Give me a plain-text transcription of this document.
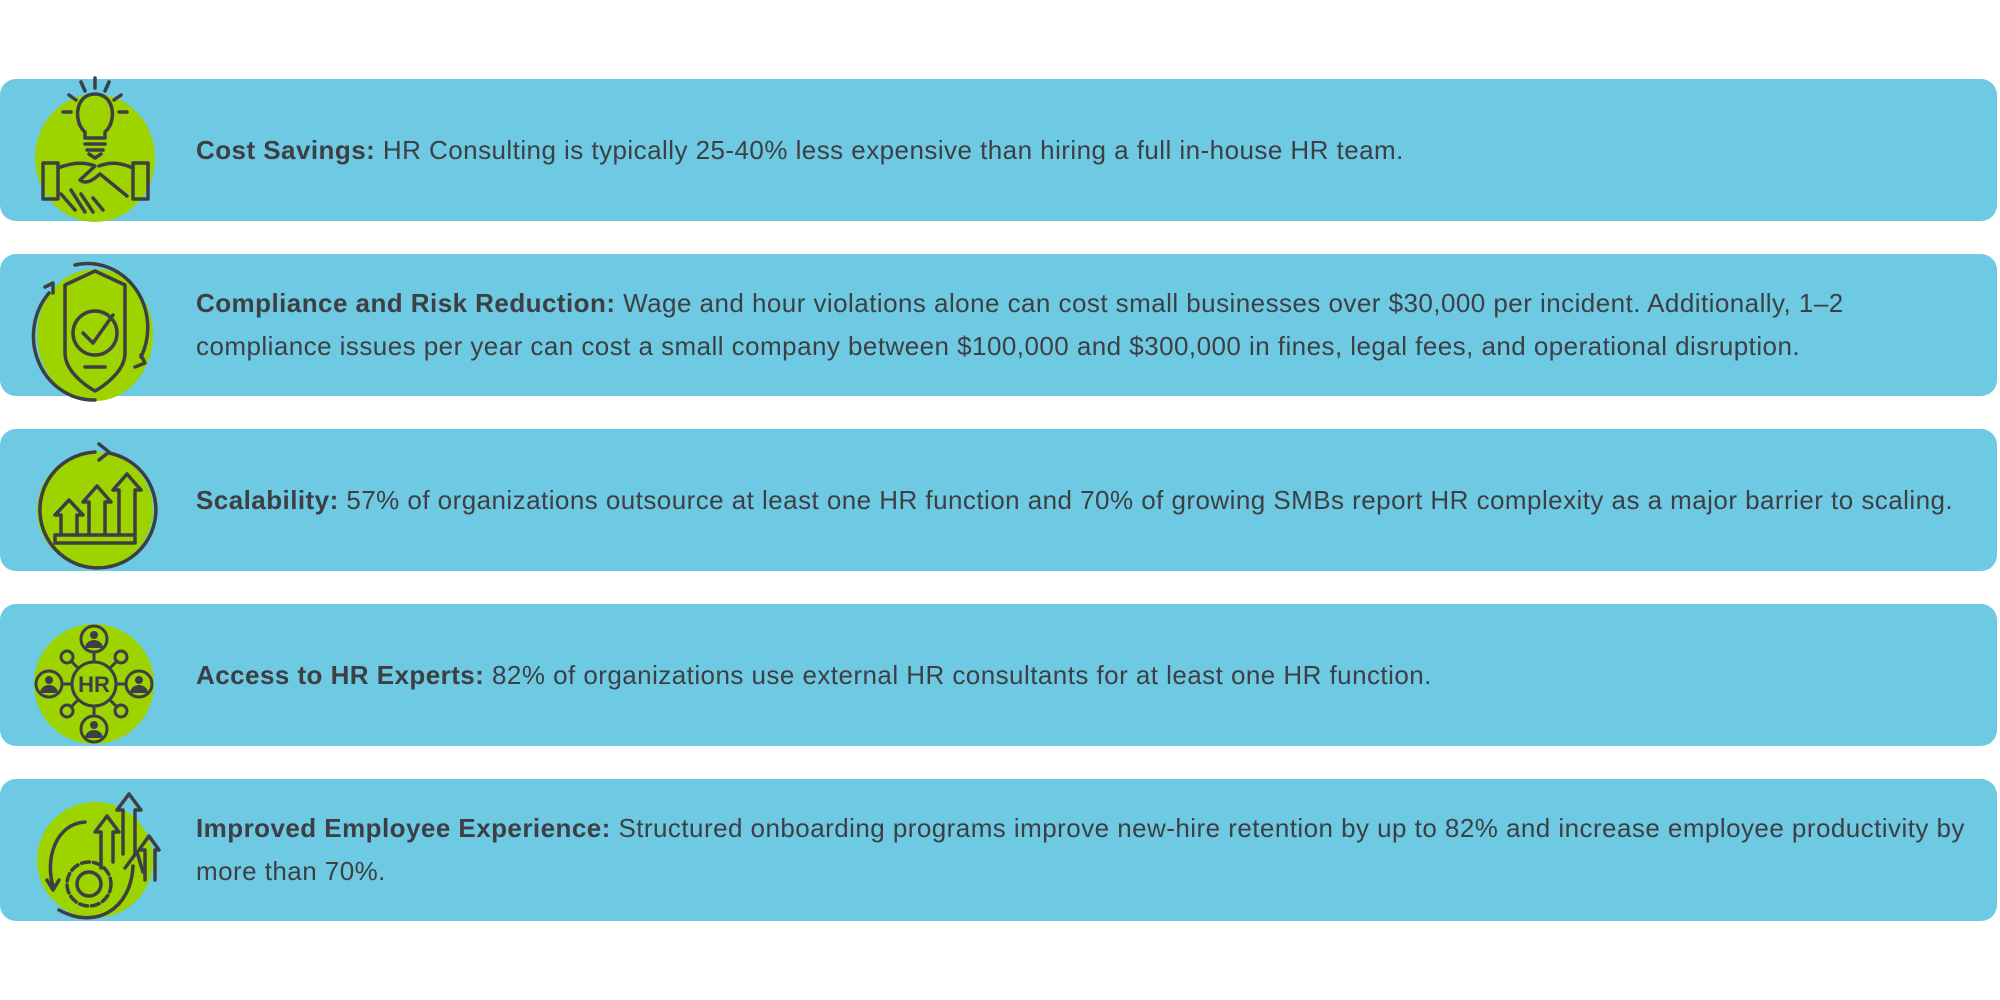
Cost Savings: HR Consulting is typically 25-40% less expensive than hiring a full in-house HR team.

Compliance and Risk Reduction: Wage and hour violations alone can cost small businesses over $30,000 per incident. Additionally, 1–2 compliance issues per year can cost a small company between $100,000 and $300,000 in fines, legal fees, and operational disruption.

Scalability: 57% of organizations outsource at least one HR function and 70% of growing SMBs report HR complexity as a major barrier to scaling.

HR	Access to HR Experts: 82% of organizations use external HR consultants for at least one HR function.

Improved Employee Experience: Structured onboarding programs improve new-hire retention by up to 82% and increase employee productivity by more than 70%.
